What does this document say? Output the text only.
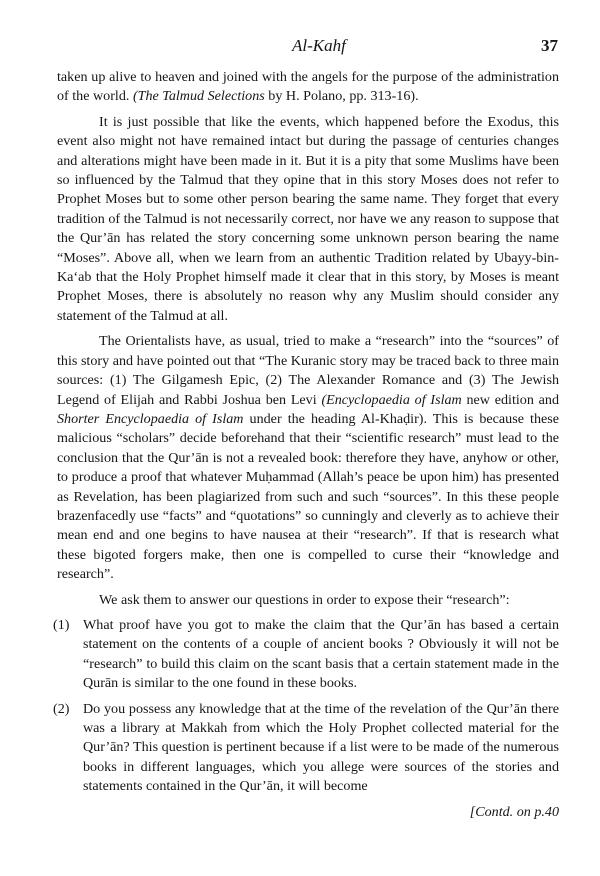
Al-Kahf	37

taken up alive to heaven and joined with the angels for the purpose of the administration of the world. (The Talmud Selections by H. Polano, pp. 313-16).

It is just possible that like the events, which happened before the Exodus, this event also might not have remained intact but during the passage of centuries changes and alterations might have been made in it. But it is a pity that some Muslims have been so influenced by the Talmud that they opine that in this story Moses does not refer to Prophet Moses but to some other person bearing the same name. They forget that every tradition of the Talmud is not necessarily correct, nor have we any reason to suppose that the Qur’ān has related the story concerning some unknown person bearing the name “Moses”. Above all, when we learn from an authentic Tradition related by Ubayy-bin-Ka‘ab that the Holy Prophet himself made it clear that in this story, by Moses is meant Prophet Moses, there is absolutely no reason why any Muslim should consider any statement of the Talmud at all.

The Orientalists have, as usual, tried to make a “research” into the “sources” of this story and have pointed out that “The Kuranic story may be traced back to three main sources: (1) The Gilgamesh Epic, (2) The Alexander Romance and (3) The Jewish Legend of Elijah and Rabbi Joshua ben Levi (Encyclopaedia of Islam new edition and Shorter Encyclopaedia of Islam under the heading Al-Khaḍir). This is because these malicious “scholars” decide beforehand that their “scientific research” must lead to the conclusion that the Qur’ān is not a revealed book: therefore they have, anyhow or other, to produce a proof that whatever Muḥammad (Allah’s peace be upon him) has presented as Revelation, has been plagiarized from such and such “sources”. In this these people brazenfacedly use “facts” and “quotations” so cunningly and cleverly as to achieve their mean end and one begins to have nausea at their “research”. If that is research what these bigoted forgers make, then one is compelled to curse their “knowledge and research”.

We ask them to answer our questions in order to expose their “research”:

(1) What proof have you got to make the claim that the Qur’ān has based a certain statement on the contents of a couple of ancient books ? Obviously it will not be “research” to build this claim on the scant basis that a certain statement made in the Qurān is similar to the one found in these books.
(2) Do you possess any knowledge that at the time of the revelation of the Qur’ān there was a library at Makkah from which the Holy Prophet collected material for the Qur’ān? This question is pertinent because if a list were to be made of the numerous books in different languages, which you allege were sources of the stories and statements contained in the Qur’ān, it will become
[Contd. on p.40
